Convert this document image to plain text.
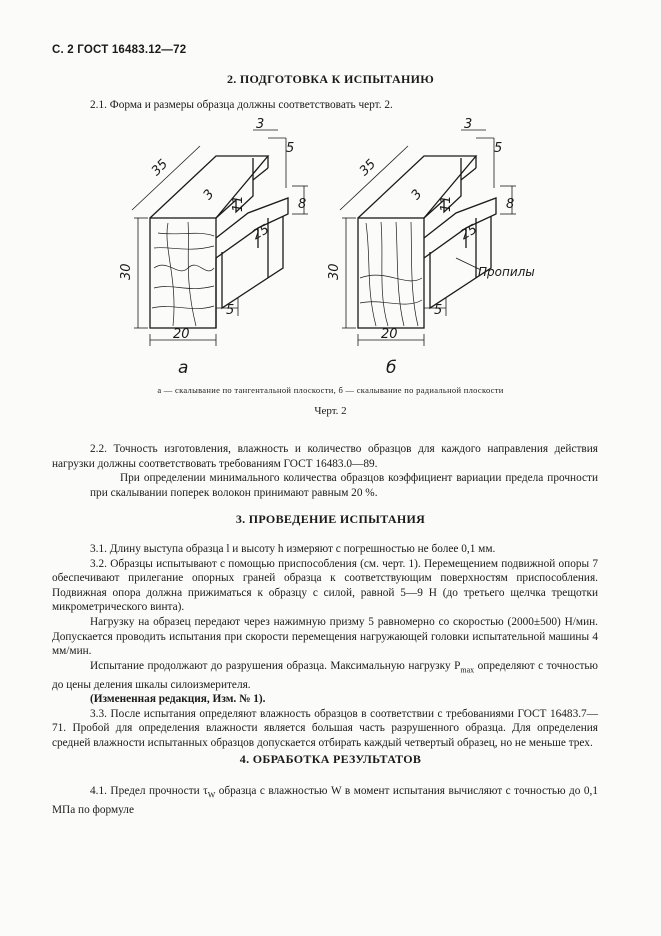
С. 2 ГОСТ 16483.12—72
2. ПОДГОТОВКА К ИСПЫТАНИЮ
2.1. Форма и размеры образца должны соответствовать черт. 2.
30
20
35
3
5
3
11	8
25
5
а
30
20
35
3
5
3
11	8
25
5
Пропилы
б
а — скалывание по тангентальной плоскости, б — скалывание по радиальной плоскости
Черт. 2

2.2. Точность изготовления, влажность и количество образцов для каждого направления действия нагрузки должны соответствовать требованиям ГОСТ 16483.0—89.

При определении минимального количества образцов коэффициент вариации предела прочности при скалывании поперек волокон принимают равным 20 %.

3. ПРОВЕДЕНИЕ ИСПЫТАНИЯ

3.1. Длину выступа образца l и высоту h измеряют с погрешностью не более 0,1 мм.

3.2. Образцы испытывают с помощью приспособления (см. черт. 1). Перемещением подвижной опоры 7 обеспечивают прилегание опорных граней образца к соответствующим поверхностям приспособления. Подвижная опора должна прижиматься к образцу с силой, равной 5—9 Н (до третьего щелчка трещотки микрометрического винта).

Нагрузку на образец передают через нажимную призму 5 равномерно со скоростью (2000±500) Н/мин. Допускается проводить испытания при скорости перемещения нагружающей головки испытательной машины 4 мм/мин.

Испытание продолжают до разрушения образца. Максимальную нагрузку $P_{max}$ определяют с точностью до цены деления шкалы силоизмерителя.

(Измененная редакция, Изм. № 1).

3.3. После испытания определяют влажность образцов в соответствии с требованиями ГОСТ 16483.7—71. Пробой для определения влажности является большая часть разрушенного образца. Для определения средней влажности испытанных образцов допускается отбирать каждый четвертый образец, но не меньше трех.

4. ОБРАБОТКА РЕЗУЛЬТАТОВ

4.1. Предел прочности $\tau_W$ образца с влажностью W в момент испытания вычисляют с точностью до 0,1 МПа по формуле
